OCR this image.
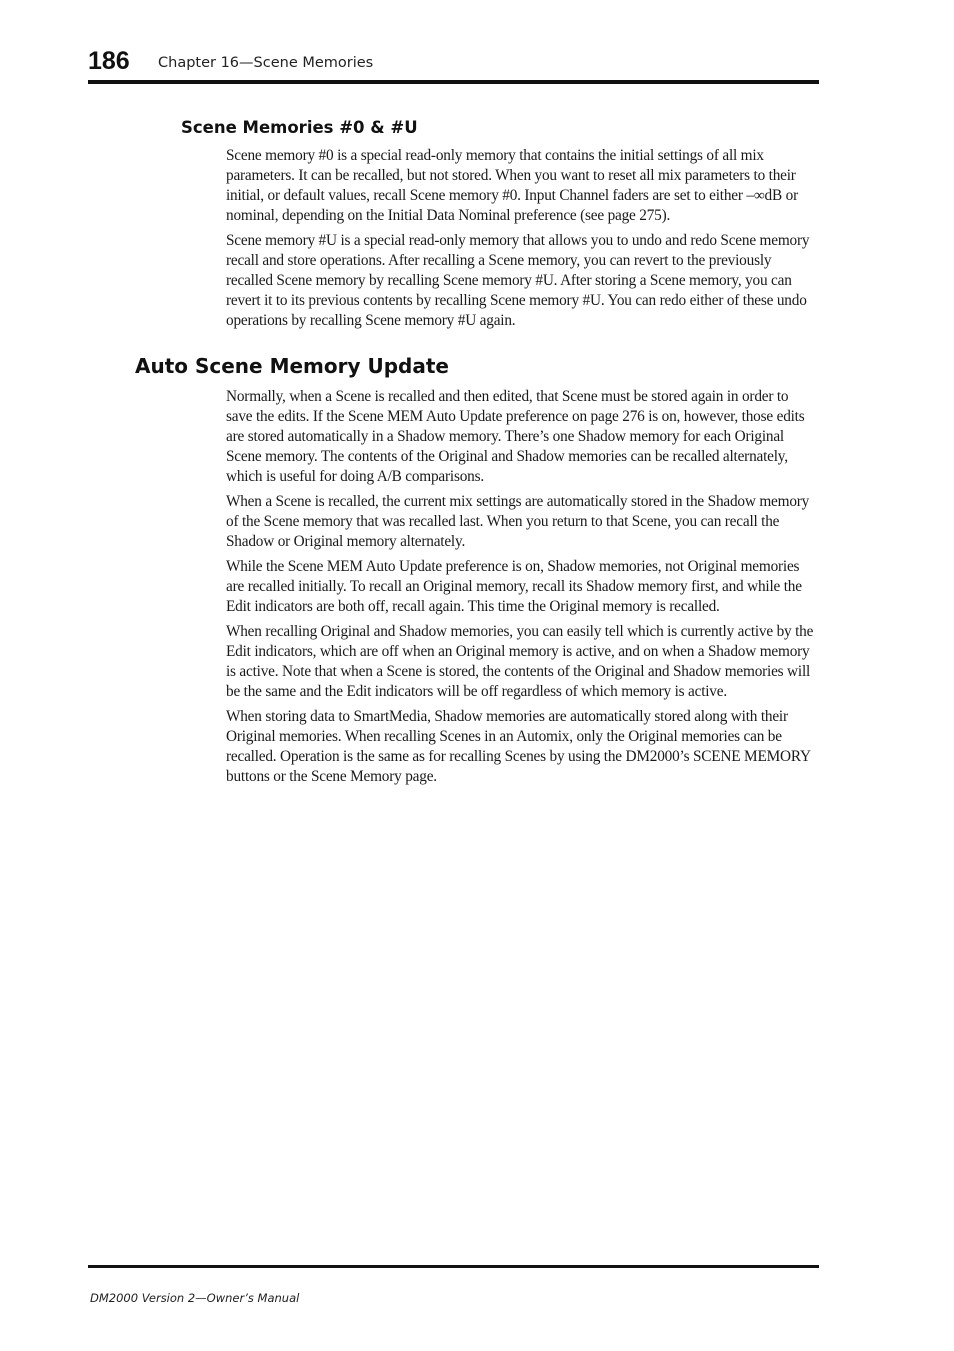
186 Chapter 16—Scene Memories
Scene Memories #0 & #U

Scene memory #0 is a special read-only memory that contains the initial settings of all mix parameters. It can be recalled, but not stored. When you want to reset all mix parameters to their initial, or default values, recall Scene memory #0. Input Channel faders are set to either –∞dB or nominal, depending on the Initial Data Nominal preference (see page 275).

Scene memory #U is a special read-only memory that allows you to undo and redo Scene memory recall and store operations. After recalling a Scene memory, you can revert to the previously recalled Scene memory by recalling Scene memory #U. After storing a Scene memory, you can revert it to its previous contents by recalling Scene memory #U. You can redo either of these undo operations by recalling Scene memory #U again.

Auto Scene Memory Update

Normally, when a Scene is recalled and then edited, that Scene must be stored again in order to save the edits. If the Scene MEM Auto Update preference on page 276 is on, however, those edits are stored automatically in a Shadow memory. There’s one Shadow memory for each Original Scene memory. The contents of the Original and Shadow memories can be recalled alternately, which is useful for doing A/B comparisons.

When a Scene is recalled, the current mix settings are automatically stored in the Shadow memory of the Scene memory that was recalled last. When you return to that Scene, you can recall the Shadow or Original memory alternately.

While the Scene MEM Auto Update preference is on, Shadow memories, not Original memories are recalled initially. To recall an Original memory, recall its Shadow memory first, and while the Edit indicators are both off, recall again. This time the Original memory is recalled.

When recalling Original and Shadow memories, you can easily tell which is currently active by the Edit indicators, which are off when an Original memory is active, and on when a Shadow memory is active. Note that when a Scene is stored, the contents of the Original and Shadow memories will be the same and the Edit indicators will be off regardless of which memory is active.

When storing data to SmartMedia, Shadow memories are automatically stored along with their Original memories. When recalling Scenes in an Automix, only the Original memories can be recalled. Operation is the same as for recalling Scenes by using the DM2000’s SCENE MEMORY buttons or the Scene Memory page.

DM2000 Version 2—Owner’s Manual
